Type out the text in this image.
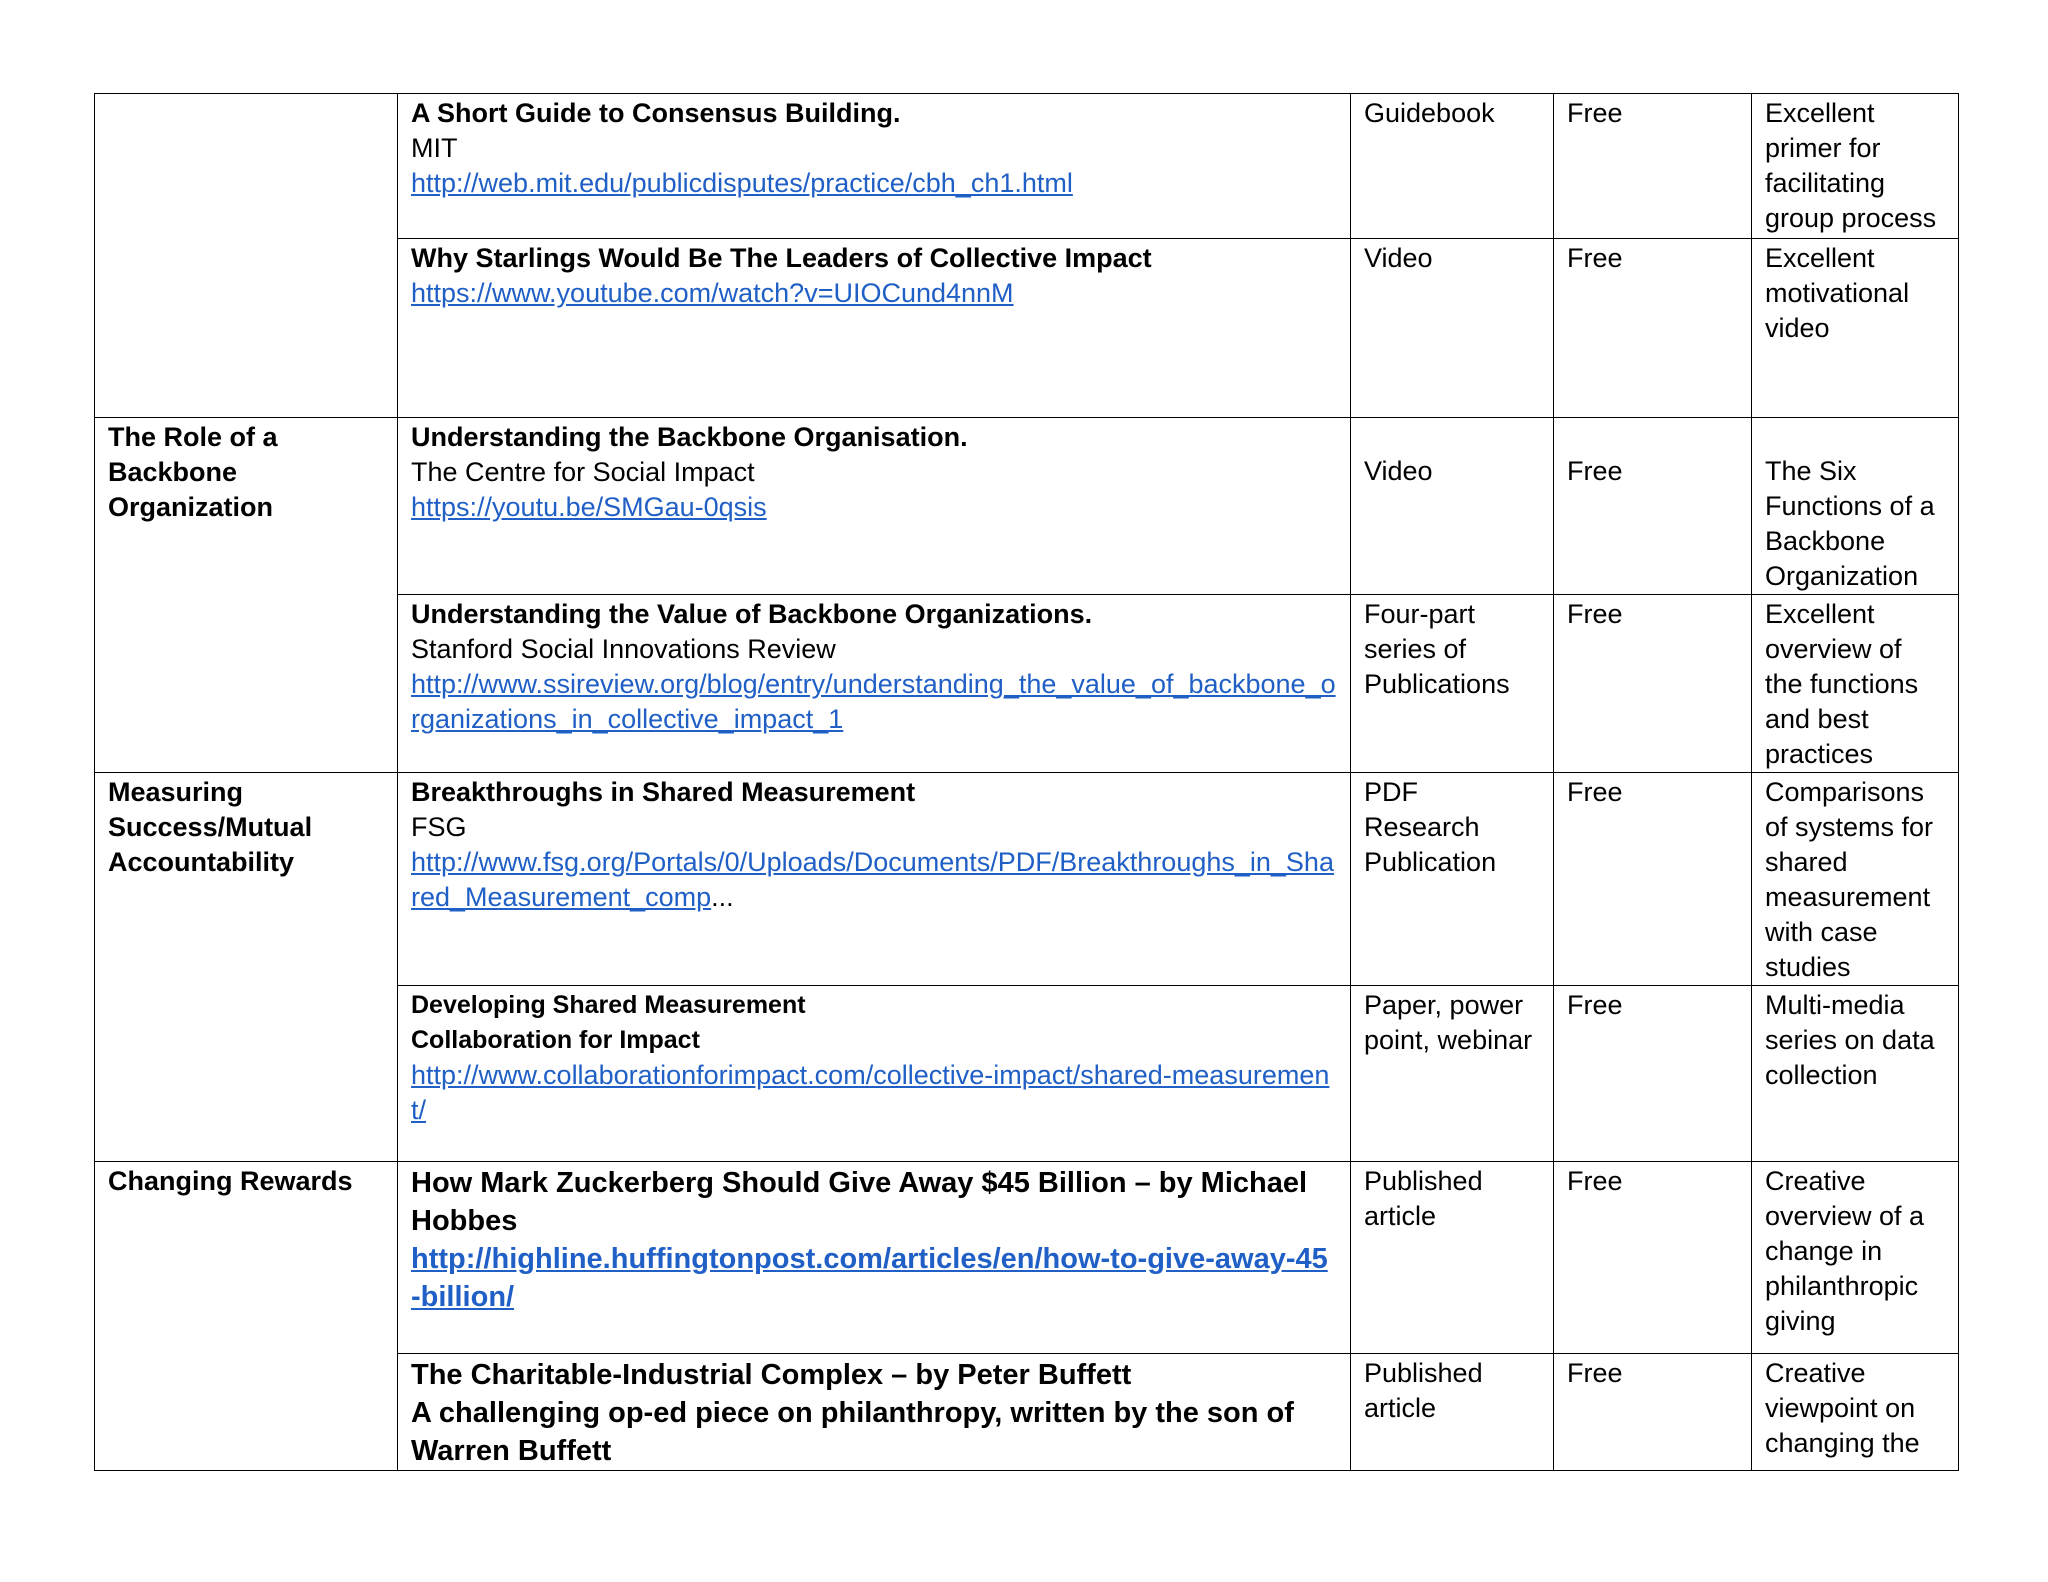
	A Short Guide to Consensus Building.
MIT
http://web.mit.edu/publicdisputes/practice/cbh_ch1.html	Guidebook	Free	Excellent primer for facilitating group process

	Why Starlings Would Be The Leaders of Collective Impact
https://www.youtube.com/watch?v=UIOCund4nnM	Video	Free	Excellent motivational video
The Role of a Backbone Organization	Understanding the Backbone Organisation.
The Centre for Social Impact
https://youtu.be/SMGau-0qsis	Video	Free	The Six Functions of a Backbone Organization

	Understanding the Value of Backbone Organizations.
Stanford Social Innovations Review
http://www.ssireview.org/blog/entry/understanding_the_value_of_backbone_organizations_in_collective_impact_1	Four-part series of Publications	Free	Excellent overview of the functions and best practices
Measuring Success/Mutual Accountability	Breakthroughs in Shared Measurement
FSG
http://www.fsg.org/Portals/0/Uploads/Documents/PDF/Breakthroughs_in_Shared_Measurement_comp...	PDF Research Publication	Free	Comparisons of systems for shared measurement with case studies

	Developing Shared Measurement
Collaboration for Impact
http://www.collaborationforimpact.com/collective-impact/shared-measurement/	Paper, power point, webinar	Free	Multi-media series on data collection
Changing Rewards	How Mark Zuckerberg Should Give Away $45 Billion – by Michael Hobbes
http://highline.huffingtonpost.com/articles/en/how-to-give-away-45-billion/	Published article	Free	Creative overview of a change in philanthropic giving

	The Charitable-Industrial Complex – by Peter Buffett
A challenging op-ed piece on philanthropy, written by the son of Warren Buffett	Published article	Free	Creative viewpoint on changing the
